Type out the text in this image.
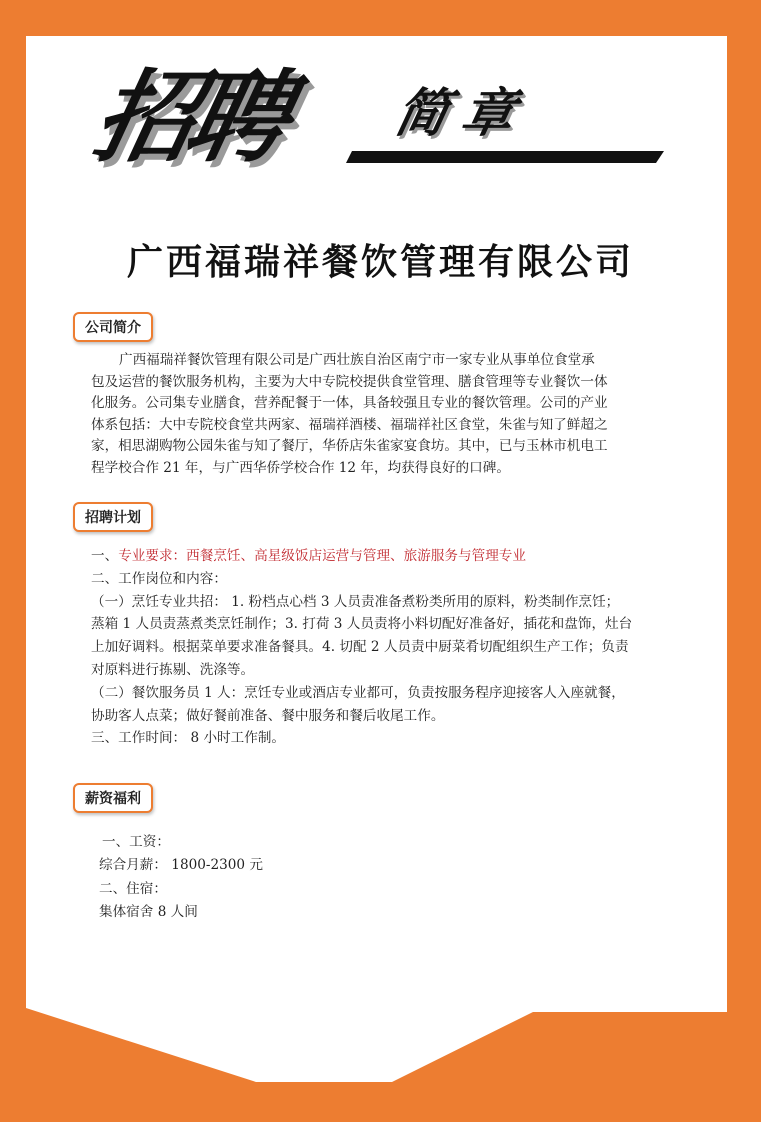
招聘 简章
广西福瑞祥餐饮管理有限公司
公司简介
广西福瑞祥餐饮管理有限公司是广西壮族自治区南宁市一家专业从事单位食堂承
包及运营的餐饮服务机构，主要为大中专院校提供食堂管理、膳食管理等专业餐饮一体
化服务。公司集专业膳食，营养配餐于一体，具备较强且专业的餐饮管理。公司的产业
体系包括：大中专院校食堂共两家、福瑞祥酒楼、福瑞祥社区食堂，朱雀与知了鲜超之
家，相思湖购物公园朱雀与知了餐厅，华侨店朱雀家宴食坊。其中，已与玉林市机电工
程学校合作 21 年，与广西华侨学校合作 12 年，均获得良好的口碑。
招聘计划
一、专业要求：西餐烹饪、高星级饭店运营与管理、旅游服务与管理专业
二、工作岗位和内容：
（一）烹饪专业共招： 1. 粉档点心档 3 人员责准备煮粉类所用的原料，粉类制作烹饪；
蒸箱 1 人员责蒸煮类烹饪制作；3. 打荷 3 人员责将小料切配好准备好，插花和盘饰，灶台
上加好调料。根据菜单要求准备餐具。4. 切配 2 人员责中厨菜肴切配组织生产工作；负责
对原料进行拣剔、洗涤等。
（二）餐饮服务员 1 人：烹饪专业或酒店专业都可，负责按服务程序迎接客人入座就餐，
协助客人点菜；做好餐前准备、餐中服务和餐后收尾工作。
三、工作时间： 8 小时工作制。
薪资福利
一、工资：
综合月薪： 1800-2300 元
二、住宿：
集体宿舍 8 人间
